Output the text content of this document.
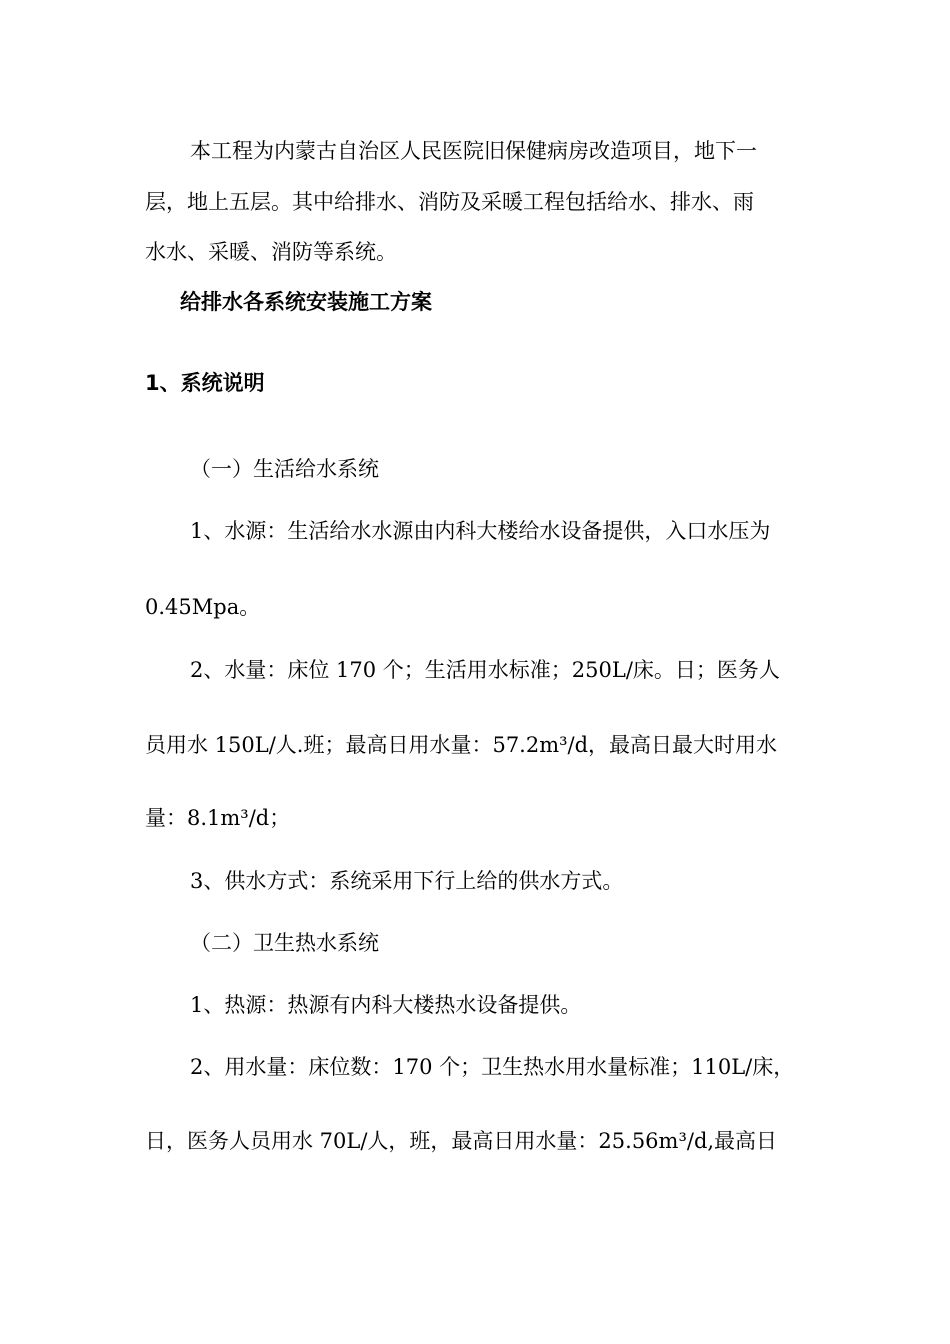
本工程为内蒙古自治区人民医院旧保健病房改造项目，地下一
层，地上五层。其中给排水、消防及采暖工程包括给水、排水、雨
水水、采暖、消防等系统。
给排水各系统安装施工方案
1、系统说明
（一）生活给水系统
1、水源：生活给水水源由内科大楼给水设备提供，入口水压为
0.45Mpa。
2、水量：床位 170 个；生活用水标准；250L/床。日；医务人
员用水 150L/人.班；最高日用水量：57.2m³/d，最高日最大时用水
量：8.1m³/d；
3、供水方式：系统采用下行上给的供水方式。
（二）卫生热水系统
1、热源：热源有内科大楼热水设备提供。
2、用水量：床位数：170 个；卫生热水用水量标准；110L/床，
日，医务人员用水 70L/人，班，最高日用水量：25.56m³/d,最高日
